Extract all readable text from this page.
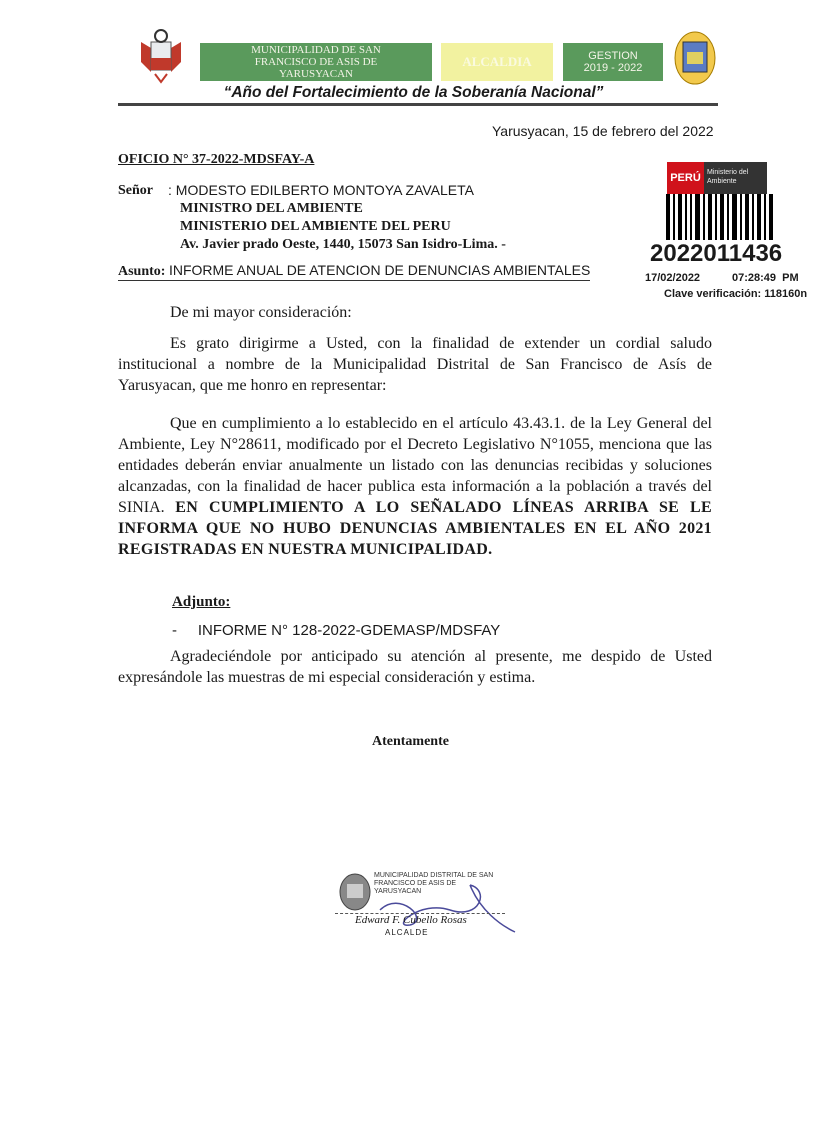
MUNICIPALIDAD DE SAN FRANCISCO DE ASIS DE YARUSYACAN
ALCALDIA	GESTION
2019 - 2022
“Año del Fortalecimiento de la Soberanía Nacional”
Yarusyacan, 15 de febrero del 2022
OFICIO N° 37-2022-MDSFAY-A
Señor : MODESTO EDILBERTO MONTOYA ZAVALETA
MINISTRO DEL AMBIENTE
MINISTERIO DEL AMBIENTE DEL PERU
Av. Javier prado Oeste, 1440, 15073 San Isidro-Lima. -
Asunto: INFORME ANUAL DE ATENCION DE DENUNCIAS AMBIENTALES
PERÚ Ministerio del Ambiente
2022011436
17/02/2022	07:28:49  PM
Clave verificación: 118160n
De mi mayor consideración:
Es grato dirigirme a Usted, con la finalidad de extender un cordial saludo institucional a nombre de la Municipalidad Distrital de San Francisco de Asís de Yarusyacan, que me honro en representar:
Que en cumplimiento a lo establecido en el artículo 43.43.1. de la Ley General del Ambiente, Ley N°28611, modificado por el Decreto Legislativo N°1055, menciona que las entidades deberán enviar anualmente un listado con las denuncias recibidas y soluciones alcanzadas, con la finalidad de hacer publica esta información a la población a través del SINIA. EN CUMPLIMIENTO A LO SEÑALADO LÍNEAS ARRIBA SE LE INFORMA QUE NO HUBO DENUNCIAS AMBIENTALES EN EL AÑO 2021 REGISTRADAS EN NUESTRA MUNICIPALIDAD.
Adjunto:
-     INFORME N° 128-2022-GDEMASP/MDSFAY
Agradeciéndole por anticipado su atención al presente, me despido de Usted expresándole las muestras de mi especial consideración y estima.
Atentamente
MUNICIPALIDAD DISTRITAL DE SAN FRANCISCO DE ASIS DE YARUSYACAN
Edward F. Cubello Rosas
ALCALDE
